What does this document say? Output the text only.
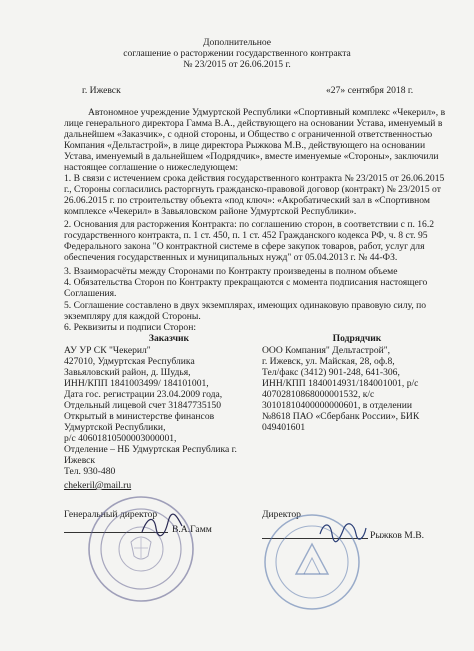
Дополнительное
соглашение о расторжении государственного контракта
№ 23/2015 от 26.06.2015 г.
г. Ижевск	«27» сентября 2018 г.
Автономное учреждение Удмуртской Республики «Спортивный комплекс «Чекерил», в
лице генерального директора Гамма В.А., действующего на основании Устава, именуемый в
дальнейшем «Заказчик», с одной стороны, и Общество с ограниченной ответственностью
Компания «Дельтастрой», в лице директора Рыжкова М.В., действующего на основании
Устава, именуемый в дальнейшем «Подрядчик», вместе именуемые «Стороны», заключили
настоящее соглашение о нижеследующем:
1. В связи с истечением срока действия государственного контракта № 23/2015 от 26.06.2015
г., Стороны согласились расторгнуть гражданско-правовой договор (контракт) № 23/2015 от
26.06.2015 г. по строительству объекта «под ключ»: «Акробатический зал в «Спортивном
комплексе «Чекерил» в Завьяловском районе Удмуртской Республики».
2. Основания для расторжения Контракта: по соглашению сторон, в соответствии с п. 16.2
государственного контракта, п. 1 ст. 450, п. 1 ст. 452 Гражданского кодекса РФ, ч. 8 ст. 95
Федерального закона "О контрактной системе в сфере закупок товаров, работ, услуг для
обеспечения государственных и муниципальных нужд" от 05.04.2013 г. № 44-ФЗ.
3. Взаиморасчёты между Сторонами по Контракту произведены в полном объеме
4. Обязательства Сторон по Контракту прекращаются с момента подписания настоящего
Соглашения.
5. Соглашение составлено в двух экземплярах, имеющих одинаковую правовую силу, по
экземпляру для каждой Стороны.
6. Реквизиты и подписи Сторон:
Заказчик
АУ УР СК "Чекерил"
427010, Удмуртская Республика
Завьяловский район, д. Шудья,
ИНН/КПП 1841003499/ 184101001,
Дата гос. регистрации 23.04.2009 года,
Отдельный лицевой счет 31847735150
Открытый в министерстве финансов
Удмуртской Республики,
р/с 40601810500003000001,
Отделение – НБ Удмуртская Республика г.
Ижевск
Тел. 930-480
chekeril@mail.ru
Подрядчик
ООО Компания" Дельтастрой",
г. Ижевск, ул. Майская, 28, оф.8,
Тел/факс (3412) 901-248, 641-306,
ИНН/КПП 1840014931/184001001, р/с
40702810868000001532, к/с
30101810400000000601, в отделении
№8618 ПАО «Сбербанк России», БИК
049401601
Генеральный директор
В.А.Гамм
Директор
Рыжков М.В.
